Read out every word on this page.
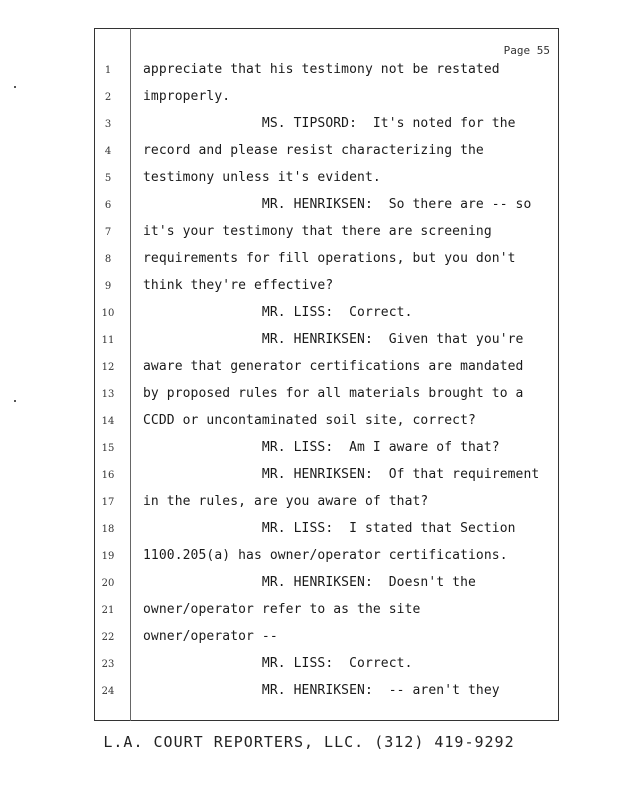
Page 55
1	appreciate that his testimony not be restated
2	improperly.
3	MS. TIPSORD:  It's noted for the
4	record and please resist characterizing the
5	testimony unless it's evident.
6	MR. HENRIKSEN:  So there are -- so
7	it's your testimony that there are screening
8	requirements for fill operations, but you don't
9	think they're effective?
10	MR. LISS:  Correct.
11	MR. HENRIKSEN:  Given that you're
12	aware that generator certifications are mandated
13	by proposed rules for all materials brought to a
14	CCDD or uncontaminated soil site, correct?
15	MR. LISS:  Am I aware of that?
16	MR. HENRIKSEN:  Of that requirement
17	in the rules, are you aware of that?
18	MR. LISS:  I stated that Section
19	1100.205(a) has owner/operator certifications.
20	MR. HENRIKSEN:  Doesn't the
21	owner/operator refer to as the site
22	owner/operator --
23	MR. LISS:  Correct.
24	MR. HENRIKSEN:  -- aren't they
L.A. COURT REPORTERS, LLC. (312) 419-9292
